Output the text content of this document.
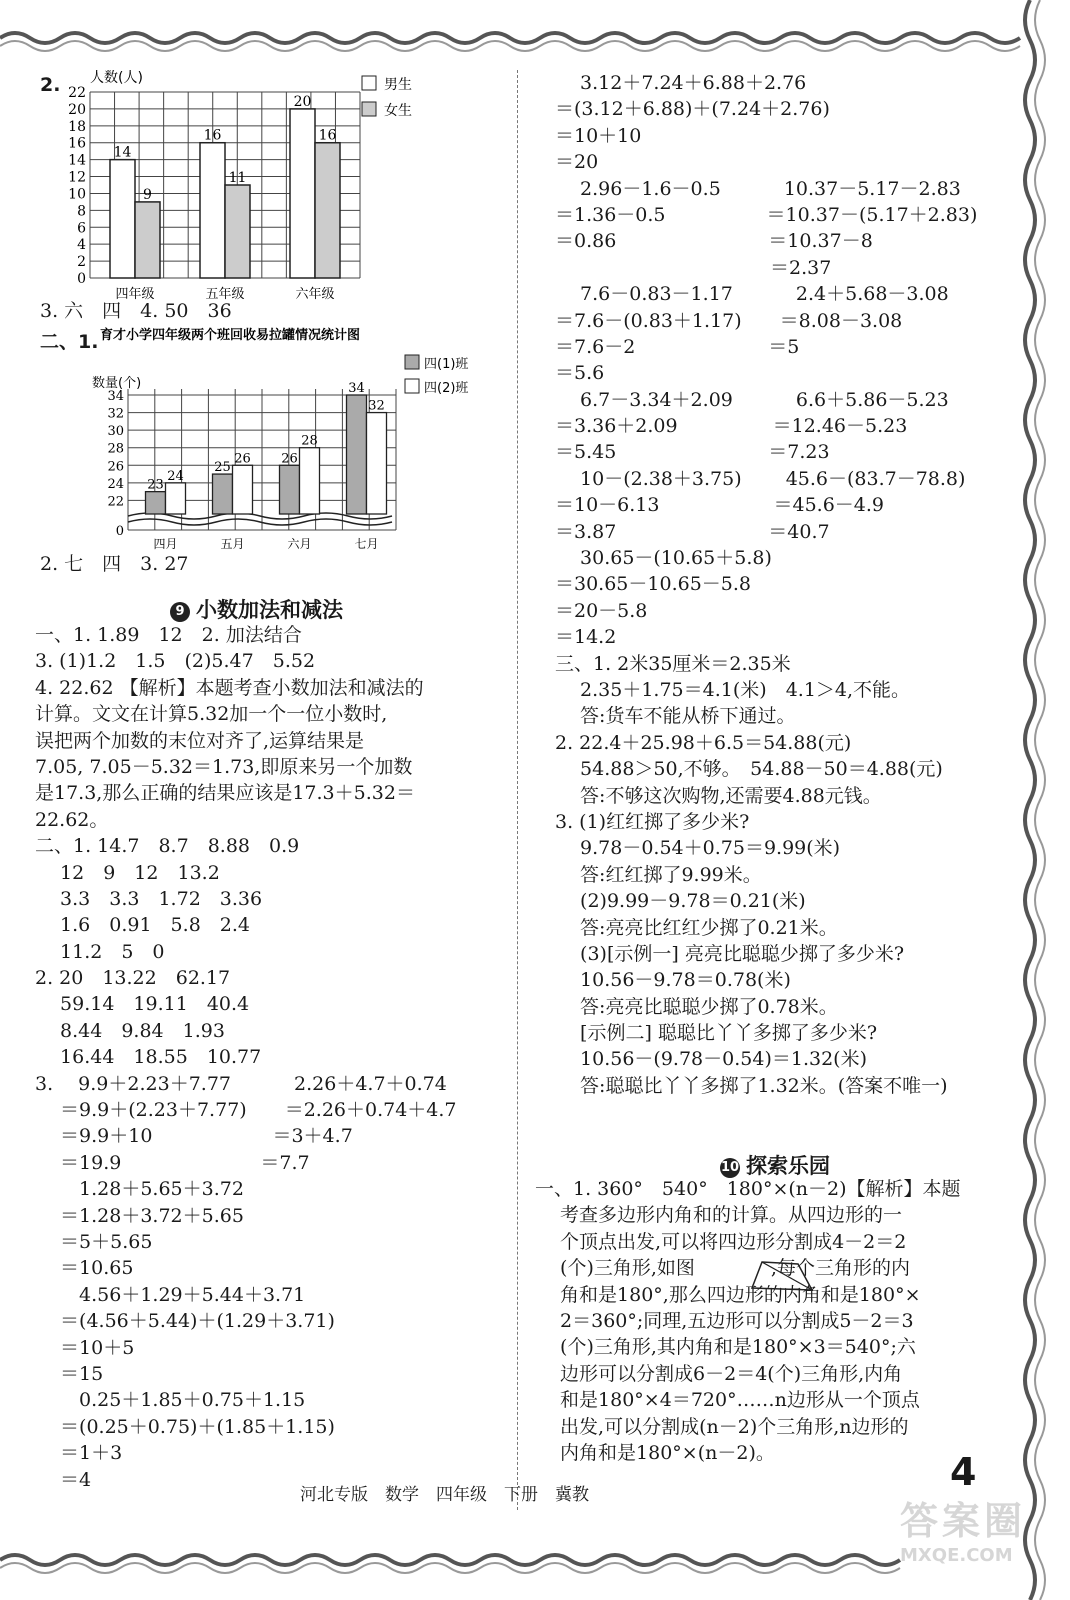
2.
0
2
4
6
8
10
12
14
16
18
20
22
人数(人)
14
9
四年级
16
11
五年级
20
16
六年级
男生
女生
3. 六　四　4. 50　36
二、1. 育才小学四年级两个班回收易拉罐情况统计图
数量(个)
0
22
24
26
28
30
32
34
23
24
四月
25
26
五月
26
28
六月
34
32
七月
四(1)班
四(2)班
2. 七　四　3. 27
9 小数加法和减法
一、1. 1.89　12　2. 加法结合
3. (1)1.2　1.5　(2)5.47　5.52
4. 22.62 【解析】本题考查小数加法和减法的
计算。文文在计算5.32加一个一位小数时,
误把两个加数的末位对齐了,运算结果是
7.05, 7.05－5.32＝1.73,即原来另一个加数
是17.3,那么正确的结果应该是17.3＋5.32＝
22.62。
二、1. 14.7　8.7　8.88　0.9
　 12　9　12　13.2
　 3.3　3.3　1.72　3.36
　 1.6　0.91　5.8　2.4
　 11.2　5　0
2. 20　13.22　62.17
　 59.14　19.11　40.4
　 8.44　9.84　1.93
　 16.44　18.55　10.77
3.　 9.9＋2.23＋7.77　　　 2.26＋4.7＋0.74
　 ＝9.9＋(2.23＋7.77)　　＝2.26＋0.74＋4.7
　 ＝9.9＋10　　　　　　 ＝3＋4.7
　 ＝19.9　　　　　　　 ＝7.7
　　 1.28＋5.65＋3.72
　 ＝1.28＋3.72＋5.65
　 ＝5＋5.65
　 ＝10.65
　　 4.56＋1.29＋5.44＋3.71
　 ＝(4.56＋5.44)＋(1.29＋3.71)
　 ＝10＋5
　 ＝15
　　 0.25＋1.85＋0.75＋1.15
　 ＝(0.25＋0.75)＋(1.85＋1.15)
　 ＝1＋3
　 ＝4
　 3.12＋7.24＋6.88＋2.76
＝(3.12＋6.88)＋(7.24＋2.76)
＝10＋10
＝20
　 2.96－1.6－0.5　　　 10.37－5.17－2.83
＝1.36－0.5　　　　　 ＝10.37－(5.17＋2.83)
＝0.86　　　　　　　　＝10.37－8
　　　　　　　　　　　 ＝2.37
　 7.6－0.83－1.17　　　 2.4＋5.68－3.08
＝7.6－(0.83＋1.17)　　＝8.08－3.08
＝7.6－2　　　　　　　＝5
＝5.6
　 6.7－3.34＋2.09　　　 6.6＋5.86－5.23
＝3.36＋2.09　　　　　＝12.46－5.23
＝5.45　　　　　　　　＝7.23
　 10－(2.38＋3.75)　　 45.6－(83.7－78.8)
＝10－6.13　　　　　　＝45.6－4.9
＝3.87　　　　　　　　＝40.7
　 30.65－(10.65＋5.8)
＝30.65－10.65－5.8
＝20－5.8
＝14.2
三、1. 2米35厘米＝2.35米
　 2.35＋1.75＝4.1(米)　4.1＞4,不能。
　 答:货车不能从桥下通过。
2. 22.4＋25.98＋6.5＝54.88(元)
　 54.88＞50,不够。　54.88－50＝4.88(元)
　 答:不够这次购物,还需要4.88元钱。
3. (1)红红掷了多少米?
　 9.78－0.54＋0.75＝9.99(米)
　 答:红红掷了9.99米。
　 (2)9.99－9.78＝0.21(米)
　 答:亮亮比红红少掷了0.21米。
　 (3)[示例一] 亮亮比聪聪少掷了多少米?
　 10.56－9.78＝0.78(米)
　 答:亮亮比聪聪少掷了0.78米。
　 [示例二] 聪聪比丫丫多掷了多少米?
　 10.56－(9.78－0.54)＝1.32(米)
　 答:聪聪比丫丫多掷了1.32米。(答案不唯一)
10 探索乐园
一、1. 360°　540°　180°×(n－2)【解析】本题
　 考查多边形内角和的计算。从四边形的一
　 个顶点出发,可以将四边形分割成4－2＝2
　 (个)三角形,如图　　　　,每个三角形的内
　 角和是180°,那么四边形的内角和是180°×
　 2＝360°;同理,五边形可以分割成5－2＝3
　 (个)三角形,其内角和是180°×3＝540°;六
　 边形可以分割成6－2＝4(个)三角形,内角
　 和是180°×4＝720°……n边形从一个顶点
　 出发,可以分割成(n－2)个三角形,n边形的
　 内角和是180°×(n－2)。
河北专版　数学　四年级　下册　冀教
4
答案圈
MXQE.COM
